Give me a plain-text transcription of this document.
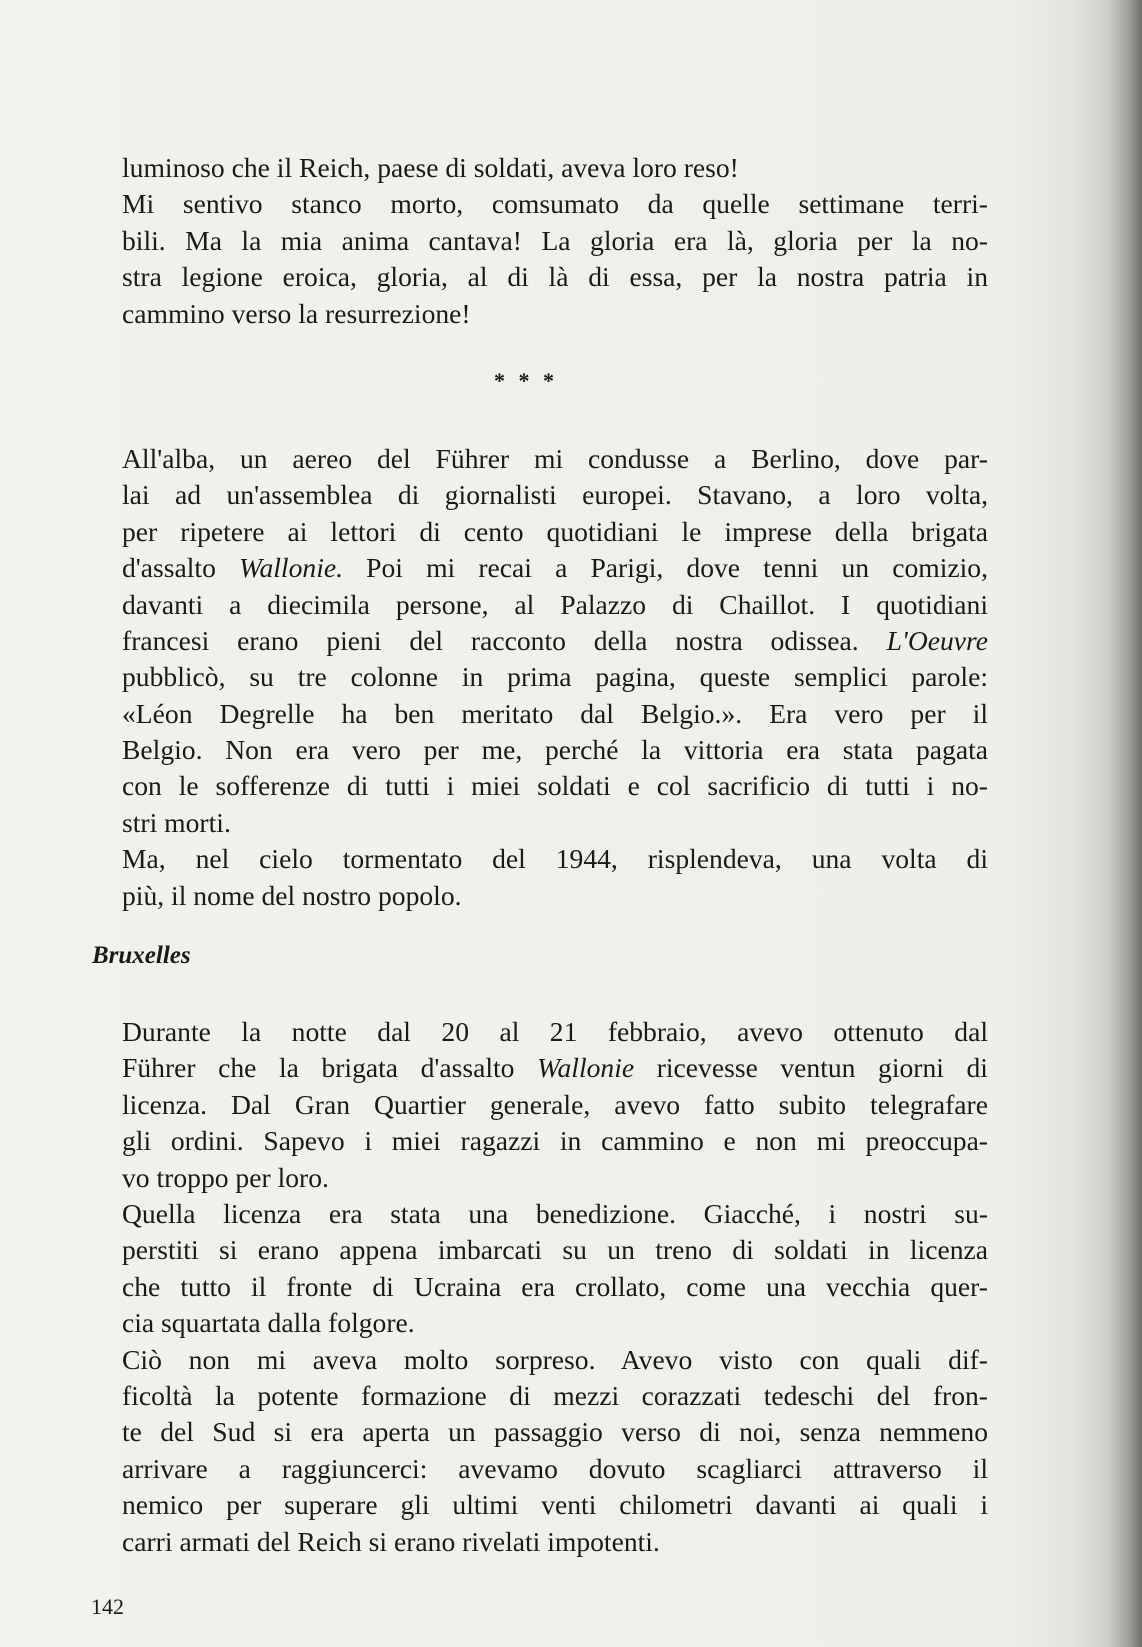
luminoso che il Reich, paese di soldati, aveva loro reso!
Mi sentivo stanco morto, comsumato da quelle settimane terri-
bili. Ma la mia anima cantava! La gloria era là, gloria per la no-
stra legione eroica, gloria, al di là di essa, per la nostra patria in
cammino verso la resurrezione!
All'alba, un aereo del Führer mi condusse a Berlino, dove par-
lai ad un'assemblea di giornalisti europei. Stavano, a loro volta,
per ripetere ai lettori di cento quotidiani le imprese della brigata
d'assalto Wallonie. Poi mi recai a Parigi, dove tenni un comizio,
davanti a diecimila persone, al Palazzo di Chaillot. I quotidiani
francesi erano pieni del racconto della nostra odissea. L'Oeuvre
pubblicò, su tre colonne in prima pagina, queste semplici parole:
«Léon Degrelle ha ben meritato dal Belgio.». Era vero per il
Belgio. Non era vero per me, perché la vittoria era stata pagata
con le sofferenze di tutti i miei soldati e col sacrificio di tutti i no-
stri morti.
Ma, nel cielo tormentato del 1944, risplendeva, una volta di
più, il nome del nostro popolo.
Durante la notte dal 20 al 21 febbraio, avevo ottenuto dal
Führer che la brigata d'assalto Wallonie ricevesse ventun giorni di
licenza. Dal Gran Quartier generale, avevo fatto subito telegrafare
gli ordini. Sapevo i miei ragazzi in cammino e non mi preoccupa-
vo troppo per loro.
Quella licenza era stata una benedizione. Giacché, i nostri su-
perstiti si erano appena imbarcati su un treno di soldati in licenza
che tutto il fronte di Ucraina era crollato, come una vecchia quer-
cia squartata dalla folgore.
Ciò non mi aveva molto sorpreso. Avevo visto con quali dif-
ficoltà la potente formazione di mezzi corazzati tedeschi del fron-
te del Sud si era aperta un passaggio verso di noi, senza nemmeno
arrivare a raggiuncerci: avevamo dovuto scagliarci attraverso il
nemico per superare gli ultimi venti chilometri davanti ai quali i
carri armati del Reich si erano rivelati impotenti.
* * *
Bruxelles
142
